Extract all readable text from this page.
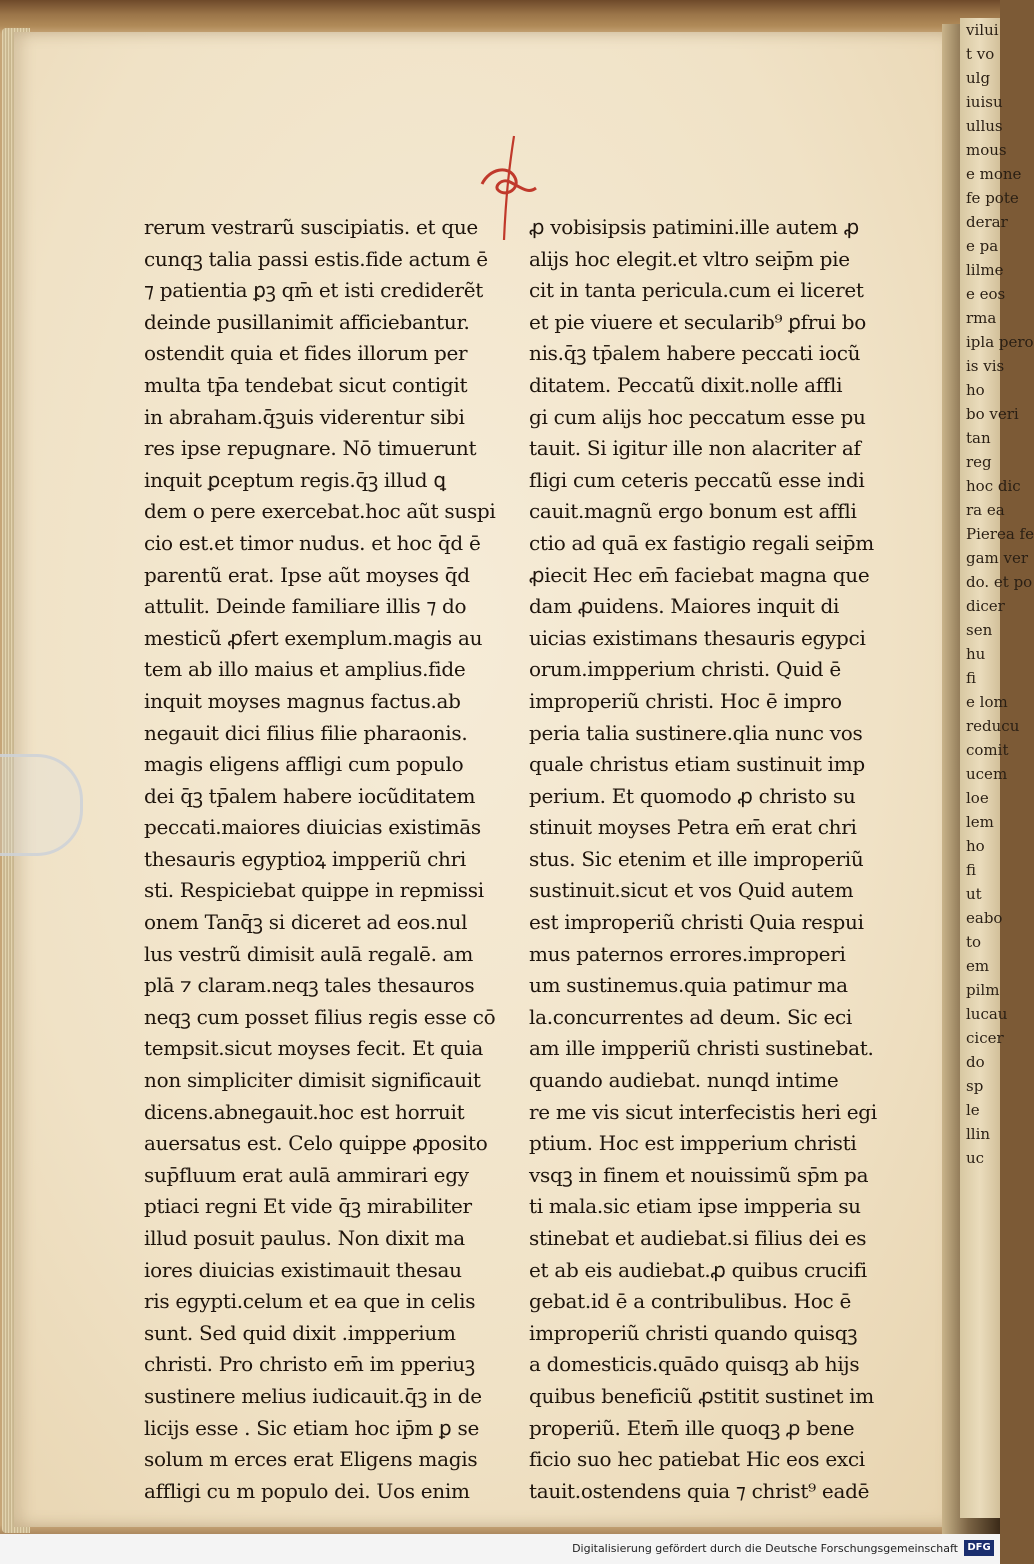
rerum vestrarũ suscipiatis. et que
cunqꝫ talia passi estis.fide actum ē
⁊ patientia ꝑꝫ qm̄ et isti crediderẽt
deinde pusillanimit afficiebantur.
ostendit quia et fides illorum per
multa tp̄a tendebat sicut contigit
in abraham.q̄ꝫuis viderentur sibi
res ipse repugnare. Nō timuerunt
inquit ꝑceptum regis.q̄ꝫ illud ꝗ
dem o pere exercebat.hoc aũt suspi
cio est.et timor nudus. et hoc q̄d ē
parentũ erat. Ipse aũt moyses q̄d
attulit. Deinde familiare illis ⁊ do
mesticũ ꝓfert exemplum.magis au
tem ab illo maius et amplius.fide
inquit moyses magnus factus.ab
negauit dici filius filie pharaonis.
magis eligens affligi cum populo
dei q̄ꝫ tp̄alem habere iocũditatem
peccati.maiores diuicias existimās
thesauris egyptioꝝ impperiũ chri
sti. Respiciebat quippe in repmissi
onem Tanq̄ꝫ si diceret ad eos.nul
lus vestrũ dimisit aulā regalē. am
plā ⁊ claram.neqꝫ tales thesauros
neqꝫ cum posset filius regis esse cō
tempsit.sicut moyses fecit. Et quia
non simpliciter dimisit significauit
dicens.abnegauit.hoc est horruit
auersatus est. Celo quippe ꝓposito
sup̄fluum erat aulā ammirari egy
ptiaci regni Et vide q̄ꝫ mirabiliter
illud posuit paulus. Non dixit ma
iores diuicias existimauit thesau
ris egypti.celum et ea que in celis
sunt. Sed quid dixit .impperium
christi. Pro christo em̄ im pperiuꝫ
sustinere melius iudicauit.q̄ꝫ in de
licijs esse . Sic etiam hoc ip̄m ꝑ se
solum m erces erat Eligens magis
affligi cu m populo dei. Uos enim
ꝓ vobisipsis patimini.ille autem ꝓ
alijs hoc elegit.et vltro seip̄m pie
cit in tanta pericula.cum ei liceret
et pie viuere et secularib⁹ ꝑfrui bo
nis.q̄ꝫ tp̄alem habere peccati iocũ
ditatem. Peccatũ dixit.nolle affli
gi cum alijs hoc peccatum esse pu
tauit. Si igitur ille non alacriter af
fligi cum ceteris peccatũ esse indi
cauit.magnũ ergo bonum est affli
ctio ad quā ex fastigio regali seip̄m
ꝓiecit Hec em̄ faciebat magna que
dam ꝓuidens. Maiores inquit di
uicias existimans thesauris egypci
orum.impperium christi. Quid ē
improperiũ christi. Hoc ē impro
peria talia sustinere.qlia nunc vos
quale christus etiam sustinuit imp
perium. Et quomodo ꝓ christo su
stinuit moyses Petra em̄ erat chri
stus. Sic etenim et ille improperiũ
sustinuit.sicut et vos Quid autem
est improperiũ christi Quia respui
mus paternos errores.improperi
um sustinemus.quia patimur ma
la.concurrentes ad deum. Sic eci
am ille impperiũ christi sustinebat.
quando audiebat. nunqd intime
re me vis sicut interfecistis heri egi
ptium. Hoc est impperium christi
vsqꝫ in finem et nouissimũ sp̄m pa
ti mala.sic etiam ipse impperia su
stinebat et audiebat.si filius dei es
et ab eis audiebat.ꝓ quibus crucifi
gebat.id ē a contribulibus. Hoc ē
improperiũ christi quando quisqꝫ
a domesticis.quādo quisqꝫ ab hijs
quibus beneficiũ ꝓstitit sustinet im
properiũ. Etem̄ ille quoqꝫ ꝓ bene
ficio suo hec patiebat Hic eos exci
tauit.ostendens quia ⁊ christ⁹ eadē
vilui
t vo
ulg
iuisu
ullus
mous
e mone
fe pote
derar
e pa
lilme
e eos
rma
ipla pero
is vis
ho
bo veri
tan
reg
hoc dic
ra ea
Pierea fe
gam ver
do. et po
dicer
sen
hu
fi
e lom
reducu
comit
ucem
loe
lem
ho
fi
ut
eabo
to
em
pilm
lucau
cicer
do
sp
le
llin
uc
Digitalisierung gefördert durch die Deutsche Forschungsgemeinschaft DFG
